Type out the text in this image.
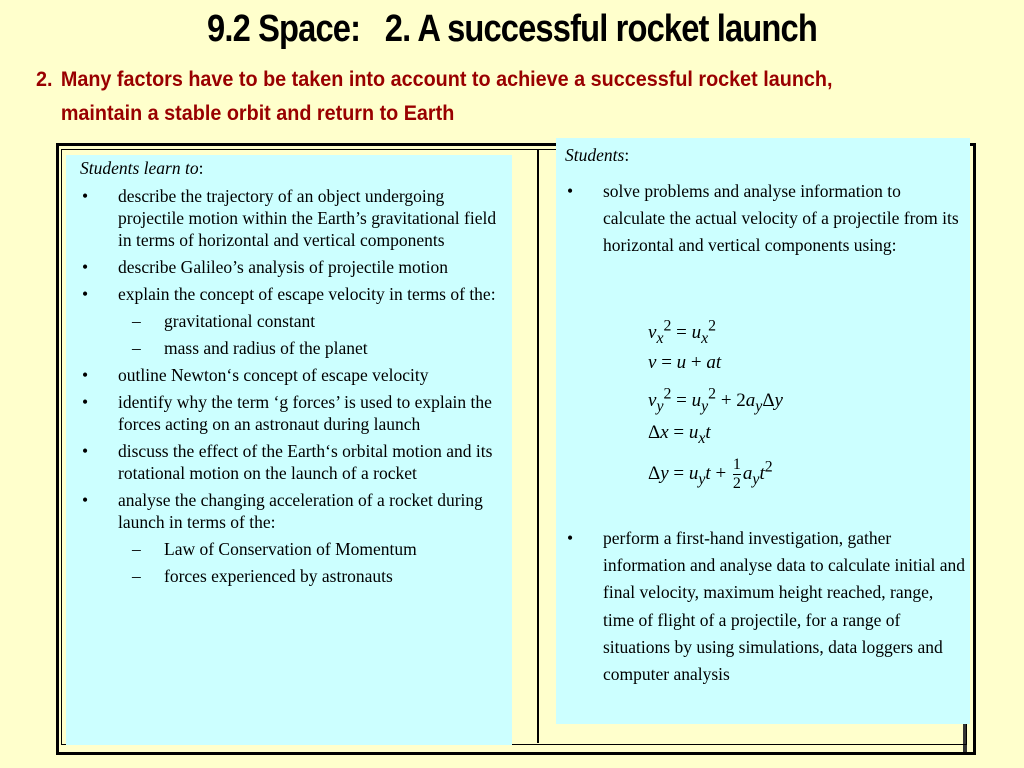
9.2 Space:   2. A successful rocket launch
2. Many factors have to be taken into account to achieve a successful rocket launch,
maintain a stable orbit and return to Earth
Students learn to:
• describe the trajectory of an object undergoing projectile motion within the Earth’s gravitational field in terms of horizontal and vertical components
• describe Galileo’s analysis of projectile motion
• explain the concept of escape velocity in terms of the:
– gravitational constant
– mass and radius of the planet
• outline Newton‘s concept of escape velocity
• identify why the term ‘g forces’ is used to explain the forces acting on an astronaut during launch
• discuss the effect of the Earth‘s orbital motion and its rotational motion on the launch of a rocket
• analyse the changing acceleration of a rocket during launch in terms of the:
– Law of Conservation of Momentum
– forces experienced by astronauts
Students:
• solve problems and analyse information to calculate the actual velocity of a projectile from its horizontal and vertical components using:
• perform a first-hand investigation, gather information and analyse data to calculate initial and final velocity, maximum height reached, range, time of flight of a projectile, for a range of situations by using simulations, data loggers and computer analysis
$v_x^2 = u_x^2$
v = u + at
$v_y^2 = u_y^2 + 2a_y\Delta y$
$\Delta x = u_xt$
$\Delta y = u_yt + \frac{1}{2} a_yt^2$
